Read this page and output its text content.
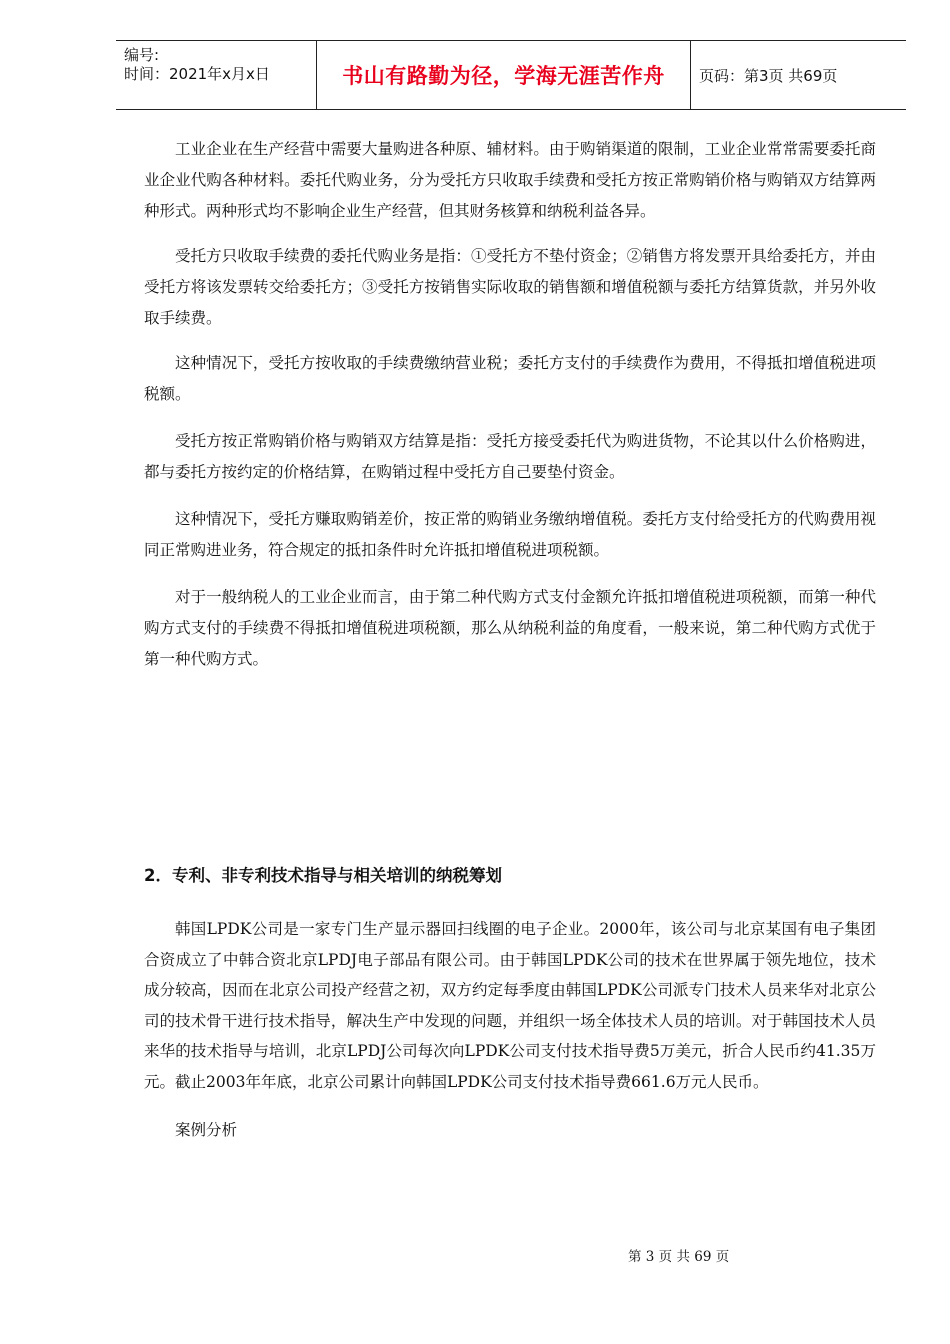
编号:
时间：2021年x月x日	书山有路勤为径，学海无涯苦作舟	页码：第3页 共69页

工业企业在生产经营中需要大量购进各种原、辅材料。由于购销渠道的限制，工业企业常常需要委托商业企业代购各种材料。委托代购业务，分为受托方只收取手续费和受托方按正常购销价格与购销双方结算两种形式。两种形式均不影响企业生产经营，但其财务核算和纳税利益各异。

受托方只收取手续费的委托代购业务是指：①受托方不垫付资金；②销售方将发票开具给委托方，并由受托方将该发票转交给委托方；③受托方按销售实际收取的销售额和增值税额与委托方结算货款，并另外收取手续费。

这种情况下，受托方按收取的手续费缴纳营业税；委托方支付的手续费作为费用，不得抵扣增值税进项税额。

受托方按正常购销价格与购销双方结算是指：受托方接受委托代为购进货物，不论其以什么价格购进，都与委托方按约定的价格结算，在购销过程中受托方自己要垫付资金。

这种情况下，受托方赚取购销差价，按正常的购销业务缴纳增值税。委托方支付给受托方的代购费用视同正常购进业务，符合规定的抵扣条件时允许抵扣增值税进项税额。

对于一般纳税人的工业企业而言，由于第二种代购方式支付金额允许抵扣增值税进项税额，而第一种代购方式支付的手续费不得抵扣增值税进项税额，那么从纳税利益的角度看，一般来说，第二种代购方式优于第一种代购方式。

2．专利、非专利技术指导与相关培训的纳税筹划

韩国LPDK公司是一家专门生产显示器回扫线圈的电子企业。2000年，该公司与北京某国有电子集团合资成立了中韩合资北京LPDJ电子部品有限公司。由于韩国LPDK公司的技术在世界属于领先地位，技术成分较高，因而在北京公司投产经营之初，双方约定每季度由韩国LPDK公司派专门技术人员来华对北京公司的技术骨干进行技术指导，解决生产中发现的问题，并组织一场全体技术人员的培训。对于韩国技术人员来华的技术指导与培训，北京LPDJ公司每次向LPDK公司支付技术指导费5万美元，折合人民币约41.35万元。截止2003年年底，北京公司累计向韩国LPDK公司支付技术指导费661.6万元人民币。

案例分析

第 3 页 共 69 页
